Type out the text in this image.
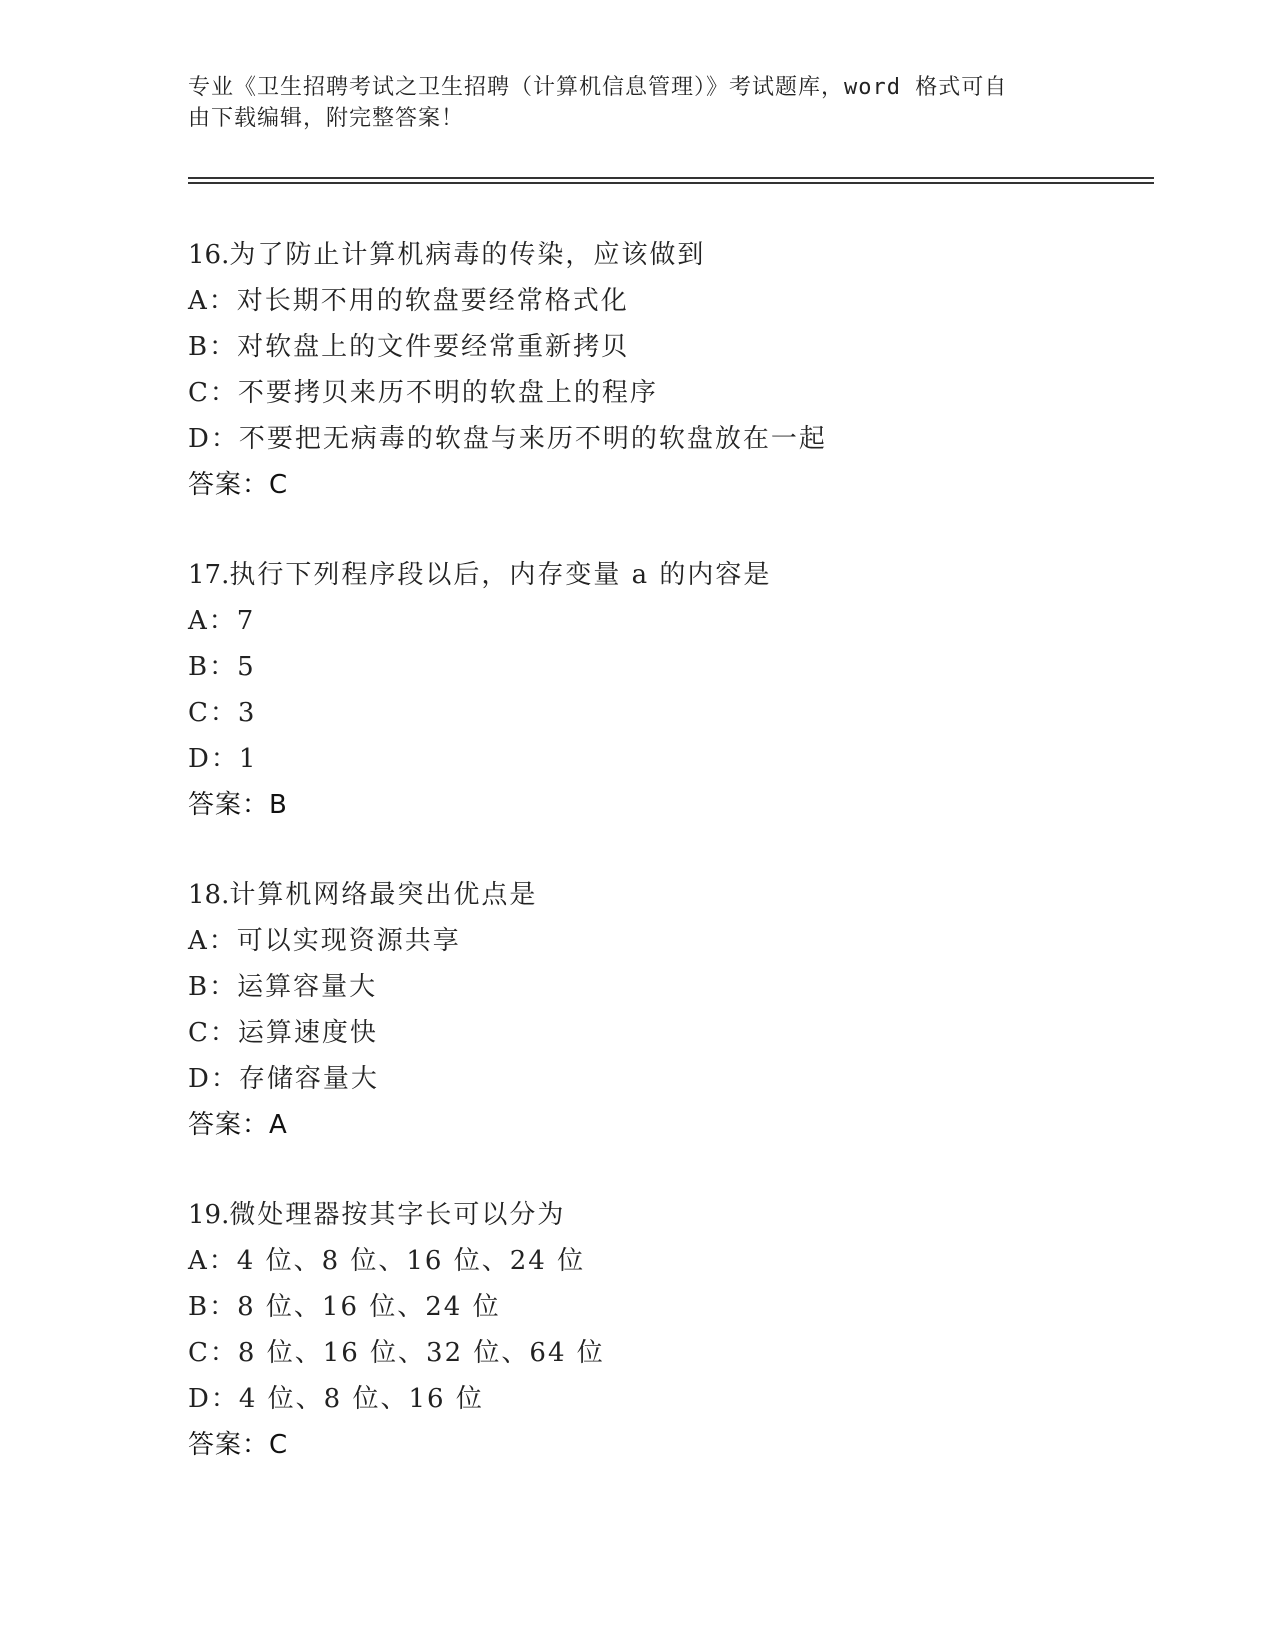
专业《卫生招聘考试之卫生招聘（计算机信息管理）》考试题库，word 格式可自
由下载编辑，附完整答案！
16.为了防止计算机病毒的传染，应该做到
A：对长期不用的软盘要经常格式化
B：对软盘上的文件要经常重新拷贝
C：不要拷贝来历不明的软盘上的程序
D：不要把无病毒的软盘与来历不明的软盘放在一起
答案：C
17.执行下列程序段以后，内存变量 a 的内容是
A：7
B：5
C：3
D：1
答案：B
18.计算机网络最突出优点是
A：可以实现资源共享
B：运算容量大
C：运算速度快
D：存储容量大
答案：A
19.微处理器按其字长可以分为
A：4 位、8 位、16 位、24 位
B：8 位、16 位、24 位
C：8 位、16 位、32 位、64 位
D：4 位、8 位、16 位
答案：C
